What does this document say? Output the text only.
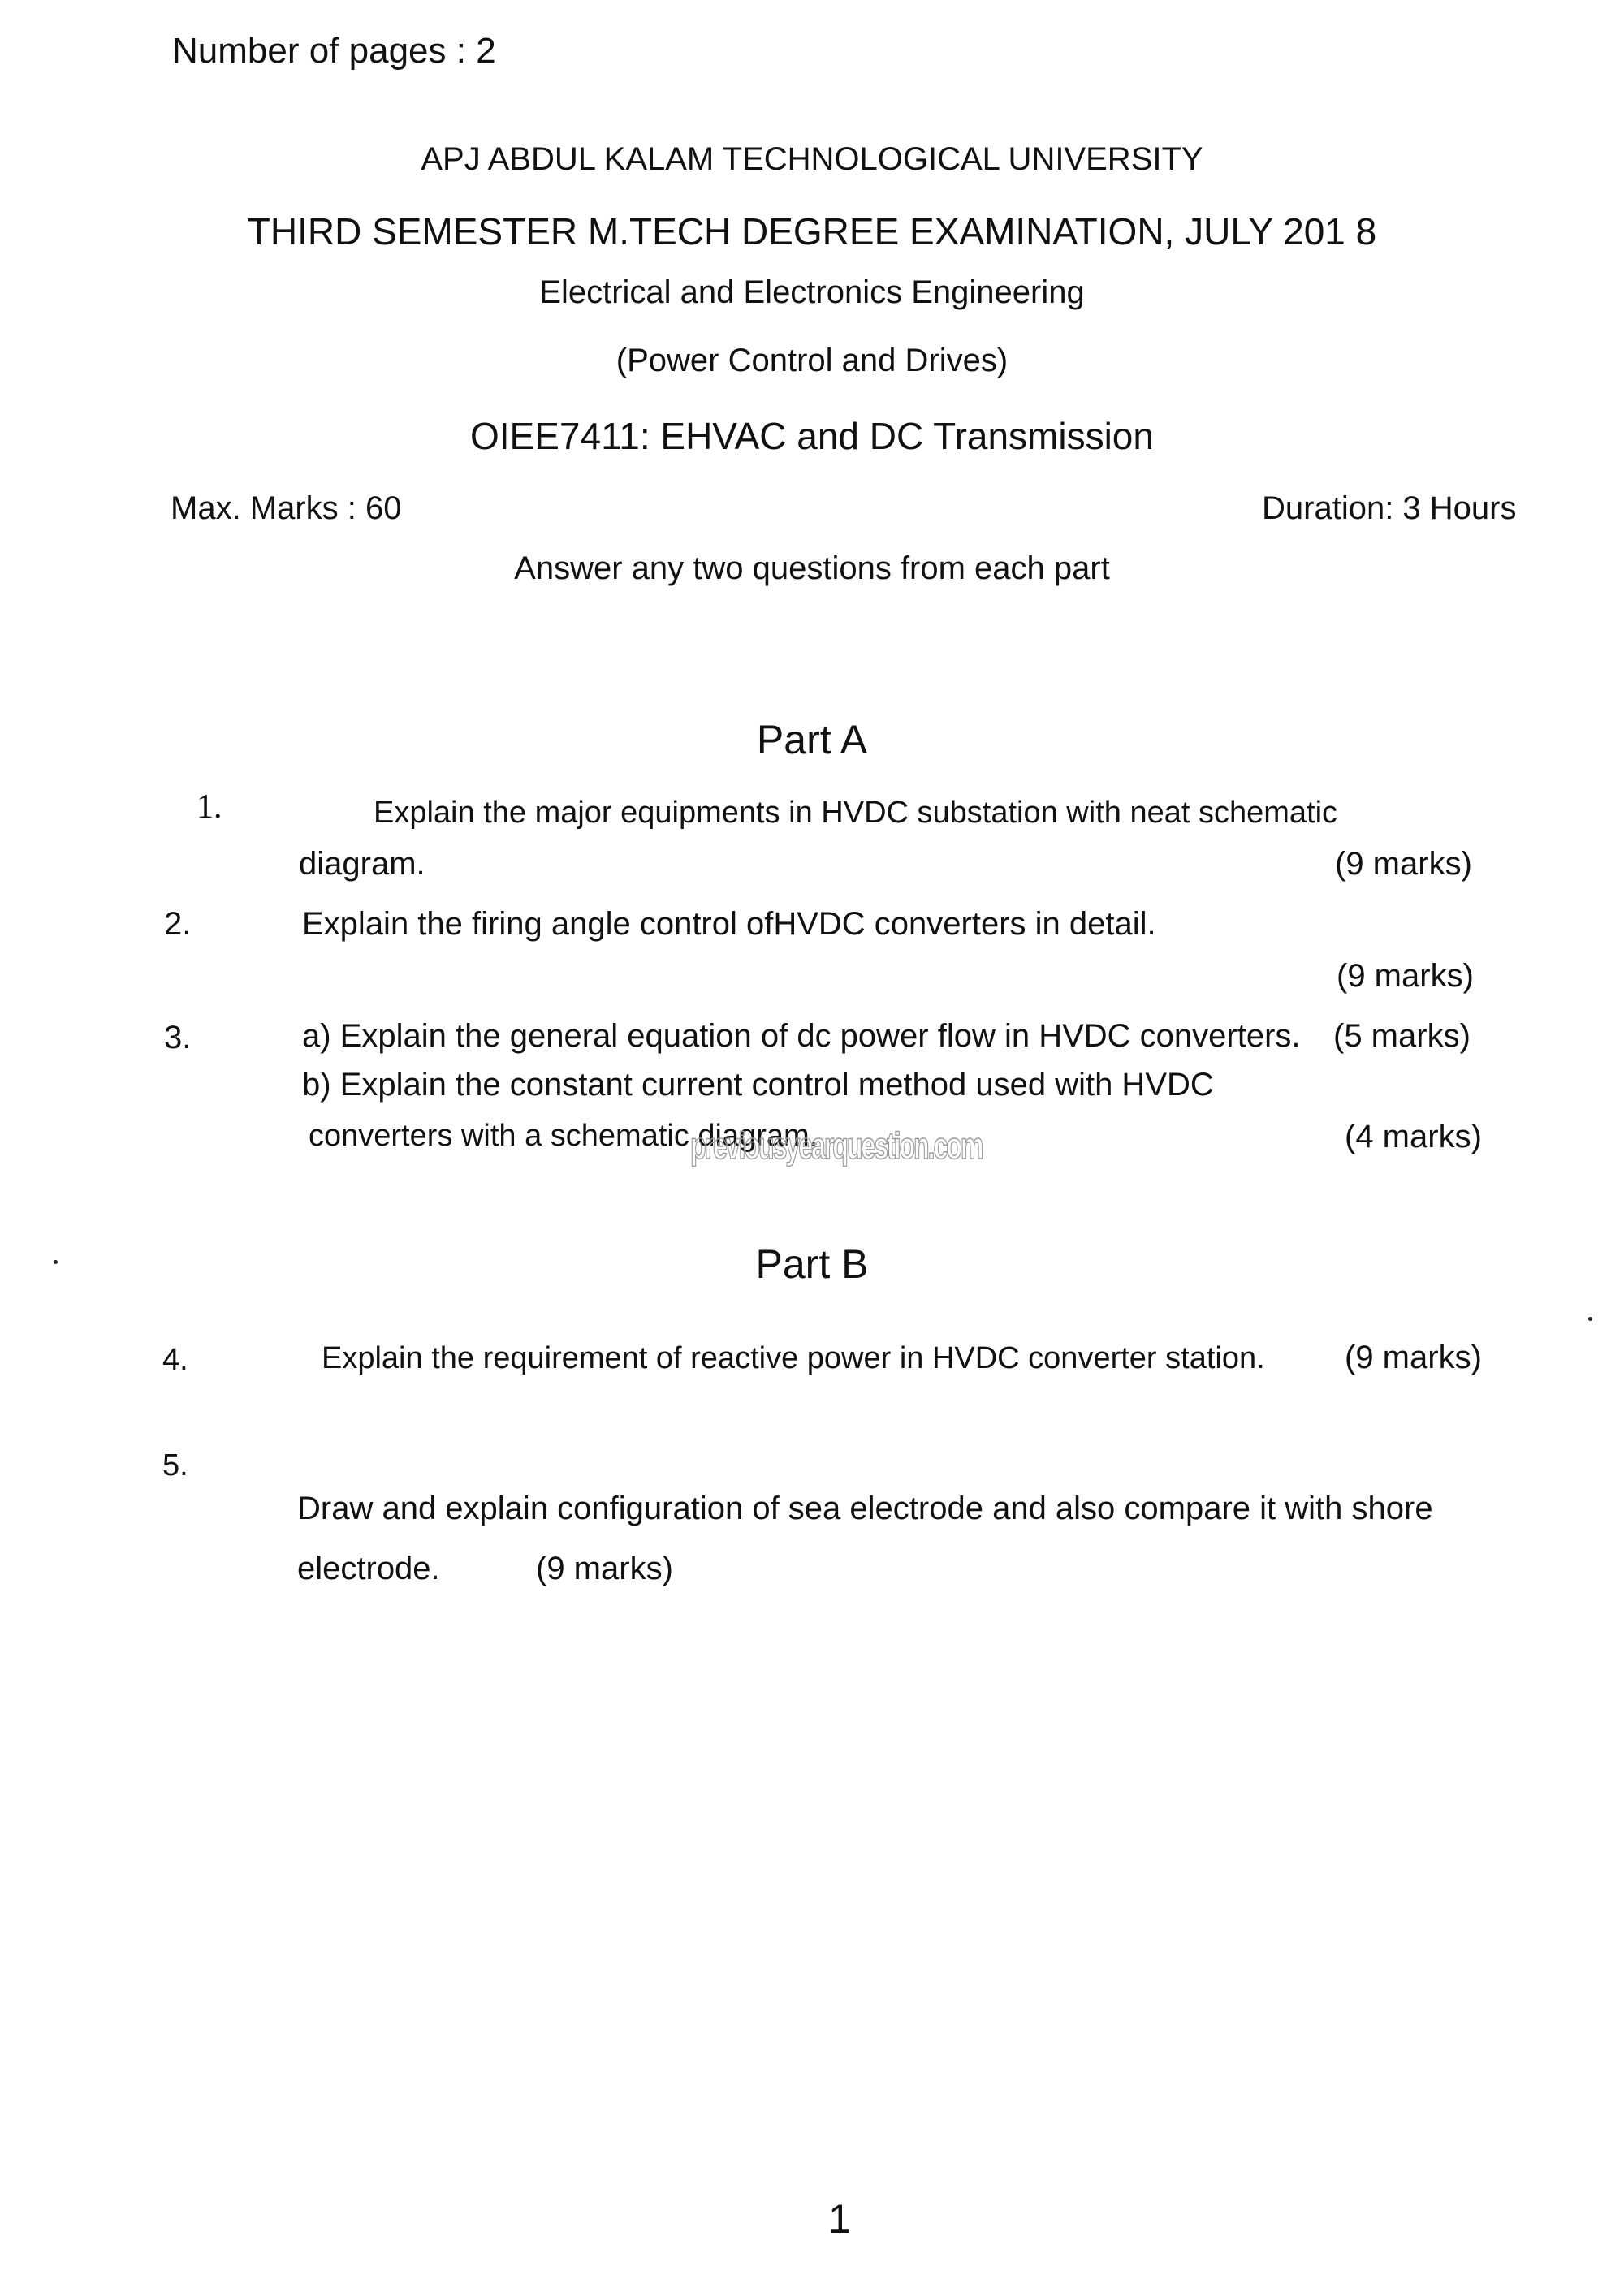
Number of pages : 2
APJ ABDUL KALAM TECHNOLOGICAL UNIVERSITY
THIRD SEMESTER M.TECH DEGREE EXAMINATION, JULY 201 8
Electrical and Electronics Engineering
(Power Control and Drives)
OIEE7411: EHVAC and DC Transmission
Max. Marks : 60	Duration: 3 Hours
Answer any two questions from each part
Part A
1.	Explain the major equipments in HVDC substation with neat schematic
diagram.	(9 marks)
2.	Explain the firing angle control ofHVDC converters in detail.
(9 marks)
3.	a) Explain the general equation of dc power flow in HVDC converters. (5 marks)
b) Explain the constant current control method used with HVDC
converters with a schematic diagram.	(4 marks)
previousyearquestion.com
Part B
4.	Explain the requirement of reactive power in HVDC converter station. (9 marks)
5.
Draw and explain configuration of sea electrode and also compare it with shore
electrode.	(9 marks)
1
